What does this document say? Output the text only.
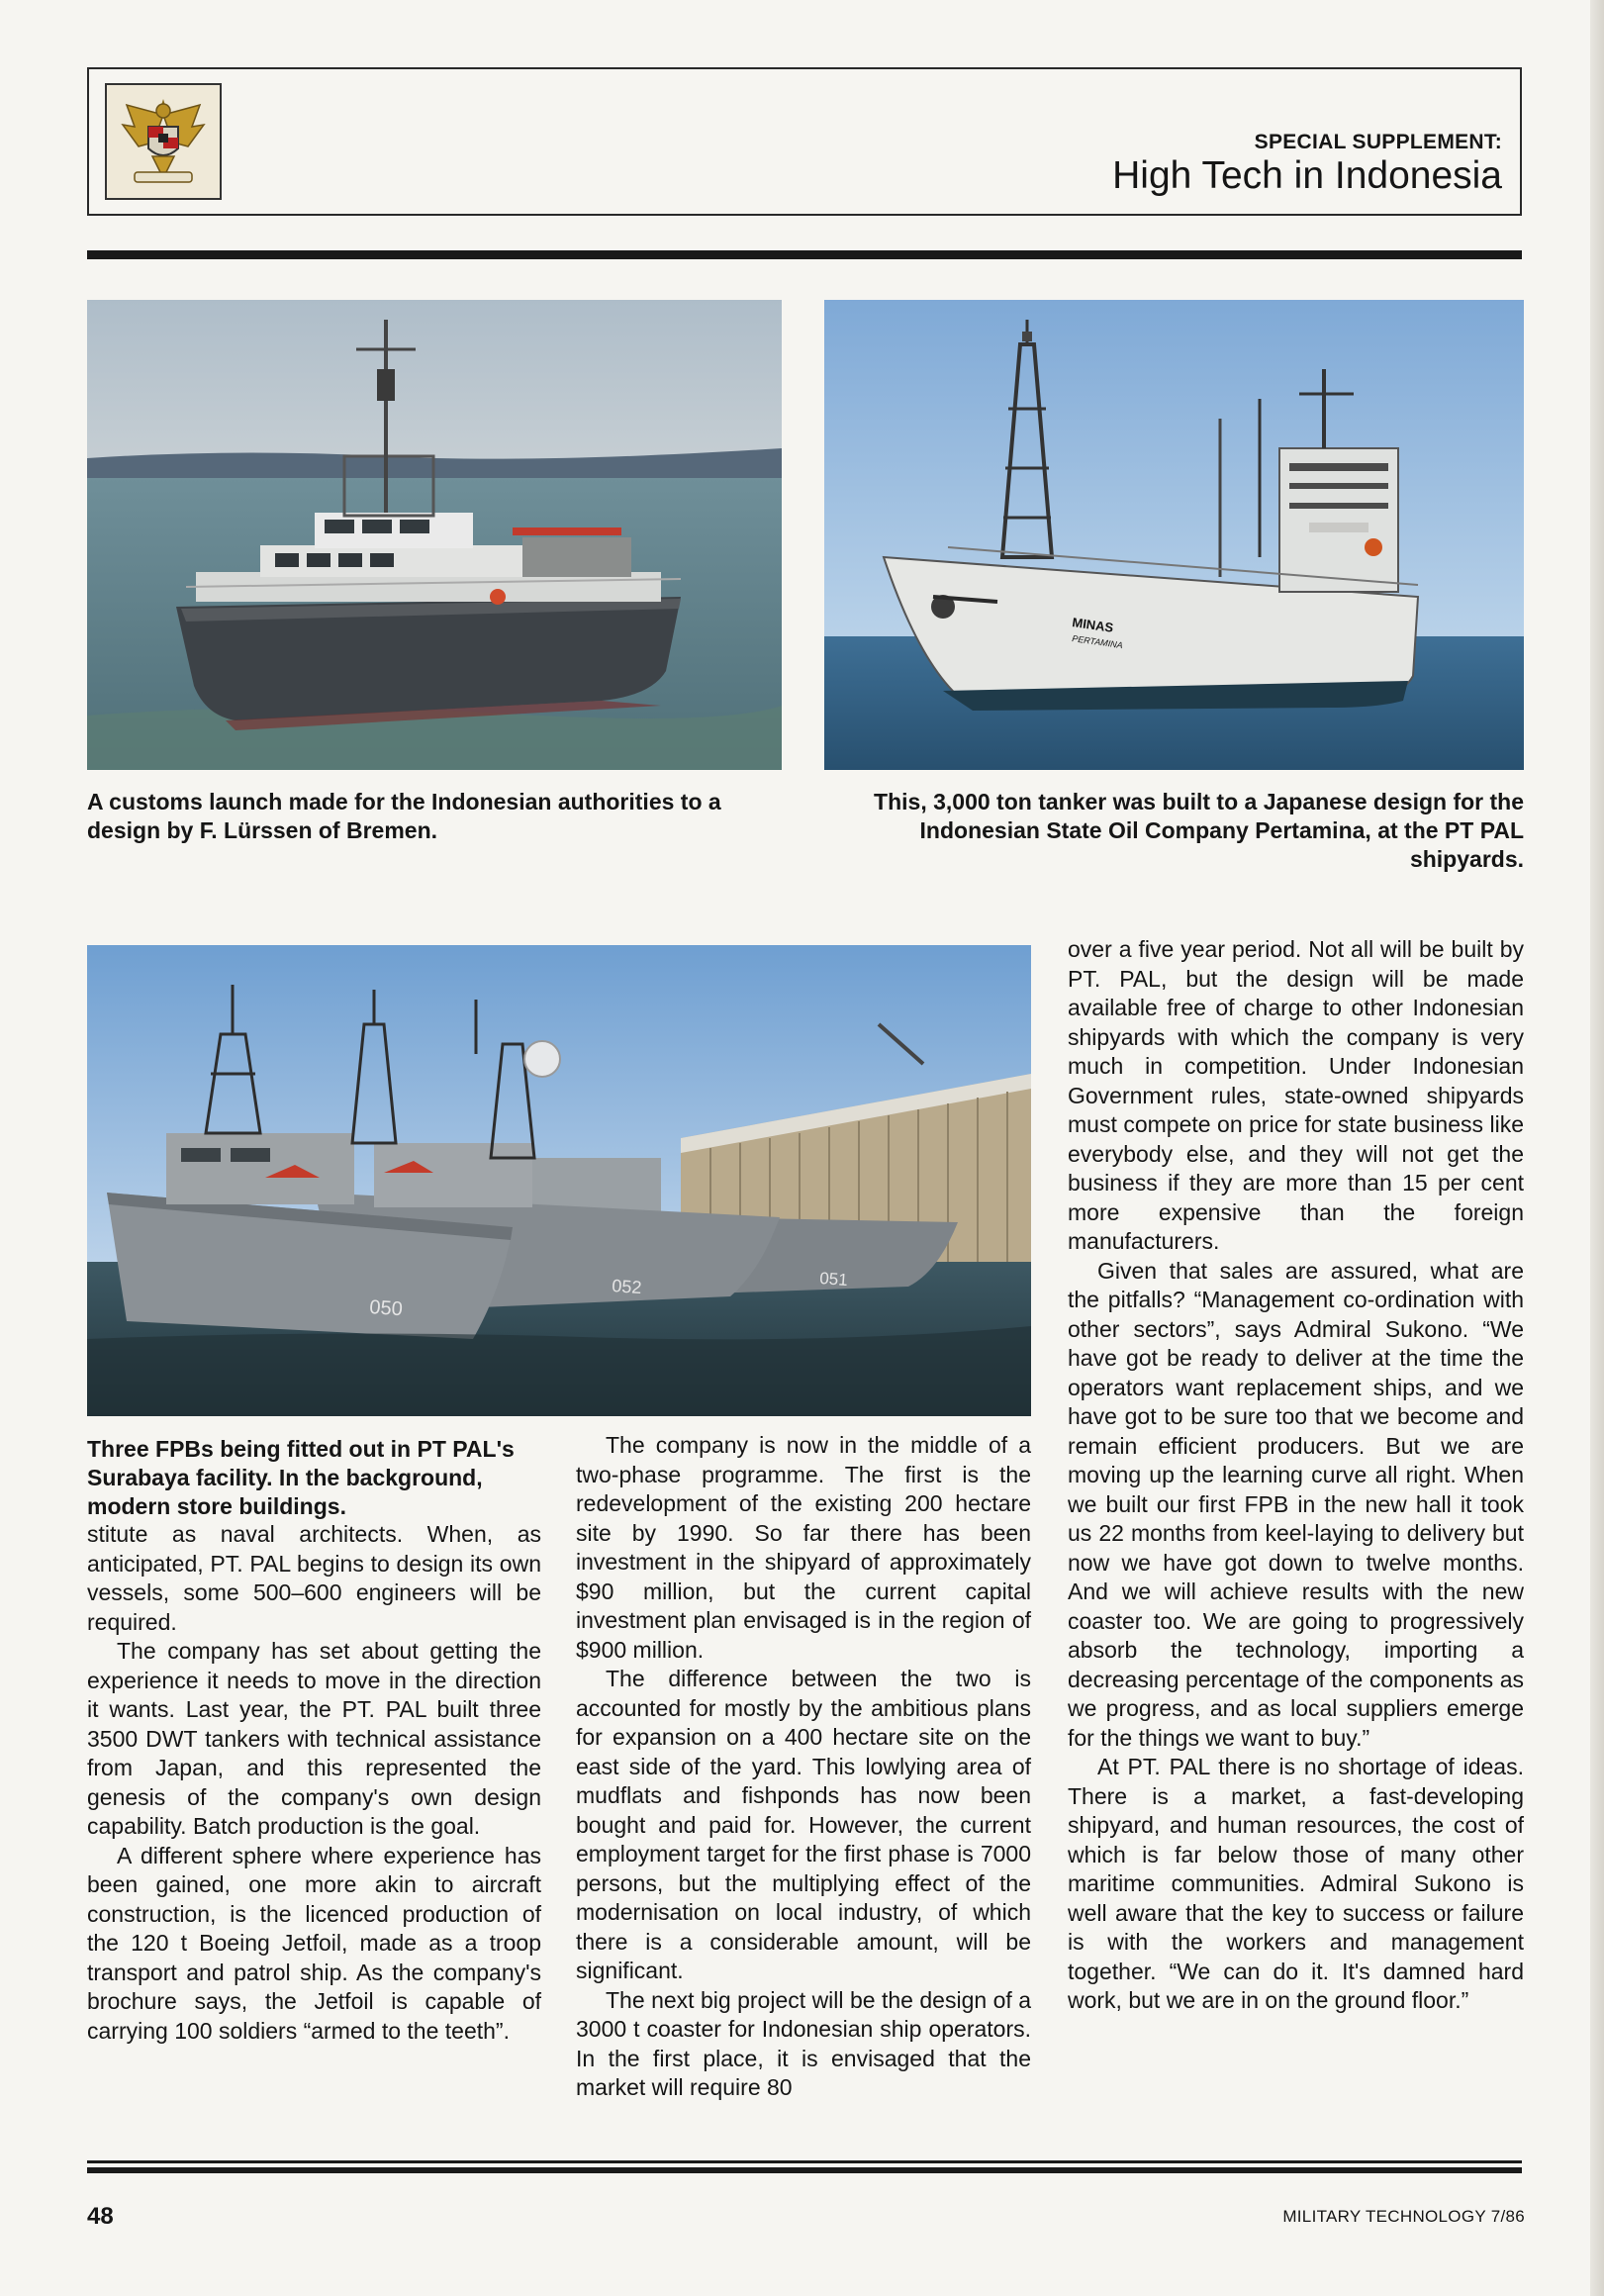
SPECIAL SUPPLEMENT:
High Tech in Indonesia
MINAS
PERTAMINA
A customs launch made for the Indonesian authorities to a design by F. Lürssen of Bremen.
This, 3,000 ton tanker was built to a Japanese design for the Indonesian State Oil Company Pertamina, at the PT PAL shipyards.
050
052	051
Three FPBs being fitted out in PT PAL's Surabaya facility. In the background, modern store buildings.

stitute as naval architects. When, as anticipated, PT. PAL begins to design its own vessels, some 500–600 engineers will be required.

The company has set about getting the experience it needs to move in the direction it wants. Last year, the PT. PAL built three 3500 DWT tankers with technical assistance from Japan, and this represented the genesis of the company's own design capability. Batch production is the goal.

A different sphere where experience has been gained, one more akin to aircraft construction, is the licenced production of the 120 t Boeing Jetfoil, made as a troop transport and patrol ship. As the company's brochure says, the Jetfoil is capable of carrying 100 soldiers “armed to the teeth”.

The company is now in the middle of a two-phase programme. The first is the redevelopment of the existing 200 hectare site by 1990. So far there has been investment in the shipyard of approximately $90 million, but the current capital investment plan envisaged is in the region of $900 million.

The difference between the two is accounted for mostly by the ambitious plans for expansion on a 400 hectare site on the east side of the yard. This lowlying area of mudflats and fishponds has now been bought and paid for. However, the current employment target for the first phase is 7000 persons, but the multiplying effect of the modernisation on local industry, of which there is a considerable amount, will be significant.

The next big project will be the design of a 3000 t coaster for Indonesian ship operators. In the first place, it is envisaged that the market will require 80

over a five year period. Not all will be built by PT. PAL, but the design will be made available free of charge to other Indonesian shipyards with which the company is very much in competition. Under Indonesian Government rules, state-owned shipyards must compete on price for state business like everybody else, and they will not get the business if they are more than 15 per cent more expensive than the foreign manufacturers.

Given that sales are assured, what are the pitfalls? “Management co-ordination with other sectors”, says Admiral Sukono. “We have got be ready to deliver at the time the operators want replacement ships, and we have got to be sure too that we become and remain efficient producers. But we are moving up the learning curve all right. When we built our first FPB in the new hall it took us 22 months from keel-laying to delivery but now we have got down to twelve months. And we will achieve results with the new coaster too. We are going to progressively absorb the technology, importing a decreasing percentage of the components as we progress, and as local suppliers emerge for the things we want to buy.”

At PT. PAL there is no shortage of ideas. There is a market, a fast-developing shipyard, and human resources, the cost of which is far below those of many other maritime communities. Admiral Sukono is well aware that the key to success or failure is with the workers and management together. “We can do it. It's damned hard work, but we are in on the ground floor.”

48	MILITARY TECHNOLOGY 7/86
